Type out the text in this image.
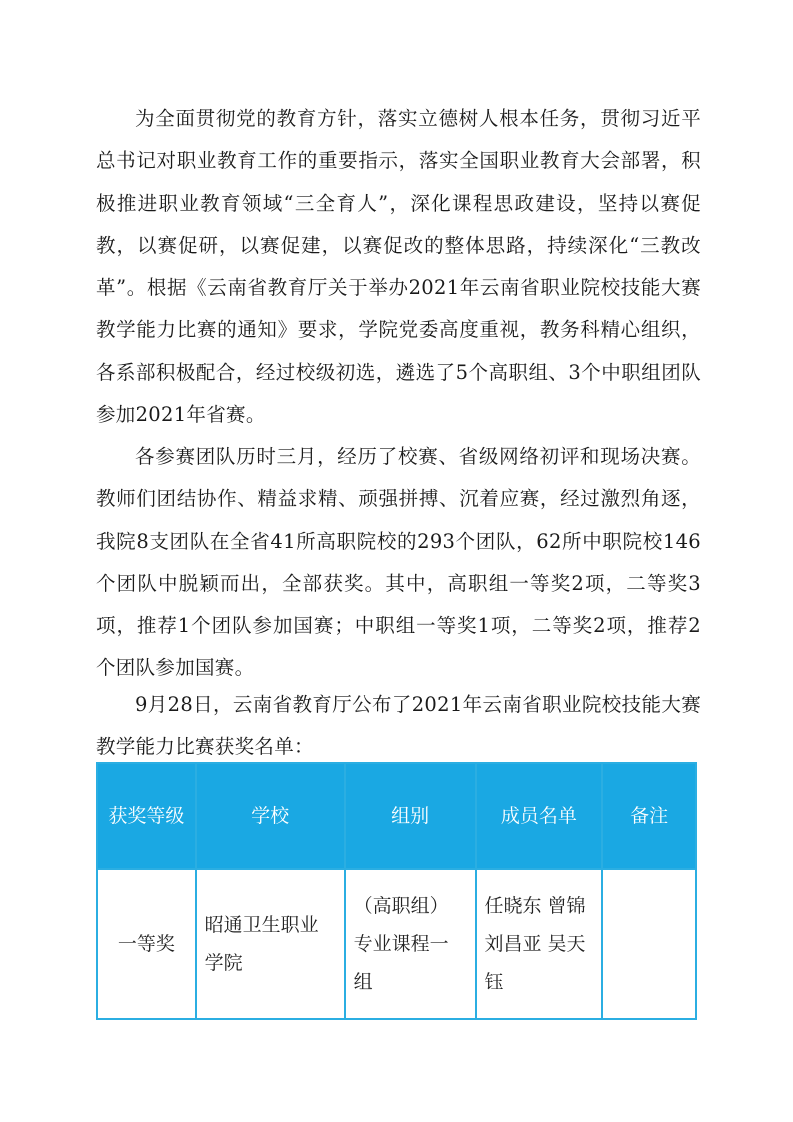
为全面贯彻党的教育方针，落实立德树人根本任务，贯彻习近平总书记对职业教育工作的重要指示，落实全国职业教育大会部署，积极推进职业教育领域“三全育人”，深化课程思政建设，坚持以赛促教，以赛促研，以赛促建，以赛促改的整体思路，持续深化“三教改革”。根据《云南省教育厅关于举办2021年云南省职业院校技能大赛教学能力比赛的通知》要求，学院党委高度重视，教务科精心组织，各系部积极配合，经过校级初选，遴选了5个高职组、3个中职组团队参加2021年省赛。

各参赛团队历时三月，经历了校赛、省级网络初评和现场决赛。教师们团结协作、精益求精、顽强拼搏、沉着应赛，经过激烈角逐，我院8支团队在全省41所高职院校的293个团队，62所中职院校146个团队中脱颖而出，全部获奖。其中，高职组一等奖2项，二等奖3项，推荐1个团队参加国赛；中职组一等奖1项，二等奖2项，推荐2个团队参加国赛。

9月28日，云南省教育厅公布了2021年云南省职业院校技能大赛教学能力比赛获奖名单：

获奖等级	学校	组别	成员名单	备注
一等奖	昭通卫生职业学院	（高职组）专业课程一组	任晓东 曾锦 刘昌亚 吴天钰	
